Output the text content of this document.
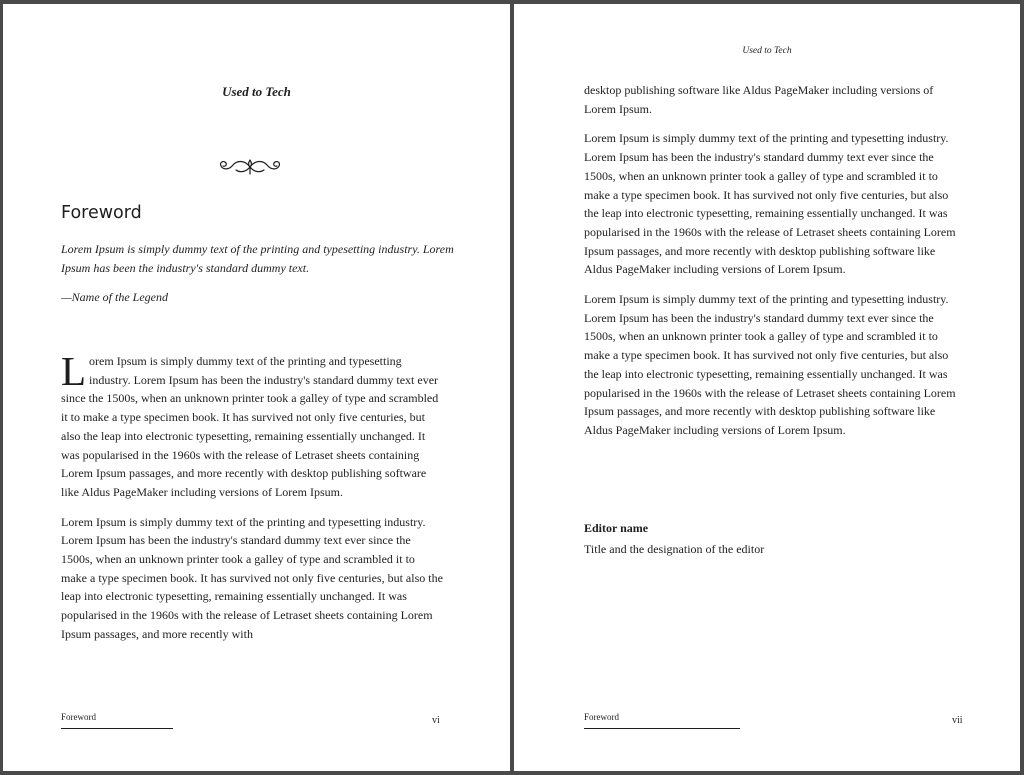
Used to Tech
Foreword

Lorem Ipsum is simply dummy text of the printing and typesetting industry. Lorem Ipsum has been the industry's standard dummy text.

—Name of the Legend

Lorem Ipsum is simply dummy text of the printing and typesetting industry. Lorem Ipsum has been the industry's standard dummy text ever since the 1500s, when an unknown printer took a galley of type and scrambled it to make a type specimen book. It has survived not only five centuries, but also the leap into electronic typesetting, remaining essentially unchanged. It was popularised in the 1960s with the release of Letraset sheets containing Lorem Ipsum passages, and more recently with desktop publishing software like Aldus PageMaker including versions of Lorem Ipsum.

Lorem Ipsum is simply dummy text of the printing and typesetting industry. Lorem Ipsum has been the industry's standard dummy text ever since the 1500s, when an unknown printer took a galley of type and scrambled it to make a type specimen book. It has survived not only five centuries, but also the leap into electronic typesetting, remaining essentially unchanged. It was popularised in the 1960s with the release of Letraset sheets containing Lorem Ipsum passages, and more recently with

Foreword	vi
Used to Tech

desktop publishing software like Aldus PageMaker including versions of Lorem Ipsum.

Lorem Ipsum is simply dummy text of the printing and typesetting industry. Lorem Ipsum has been the industry's standard dummy text ever since the 1500s, when an unknown printer took a galley of type and scrambled it to make a type specimen book. It has survived not only five centuries, but also the leap into electronic typesetting, remaining essentially unchanged. It was popularised in the 1960s with the release of Letraset sheets containing Lorem Ipsum passages, and more recently with desktop publishing software like Aldus PageMaker including versions of Lorem Ipsum.

Lorem Ipsum is simply dummy text of the printing and typesetting industry. Lorem Ipsum has been the industry's standard dummy text ever since the 1500s, when an unknown printer took a galley of type and scrambled it to make a type specimen book. It has survived not only five centuries, but also the leap into electronic typesetting, remaining essentially unchanged. It was popularised in the 1960s with the release of Letraset sheets containing Lorem Ipsum passages, and more recently with desktop publishing software like Aldus PageMaker including versions of Lorem Ipsum.

Editor name
Title and the designation of the editor
Foreword	vii
